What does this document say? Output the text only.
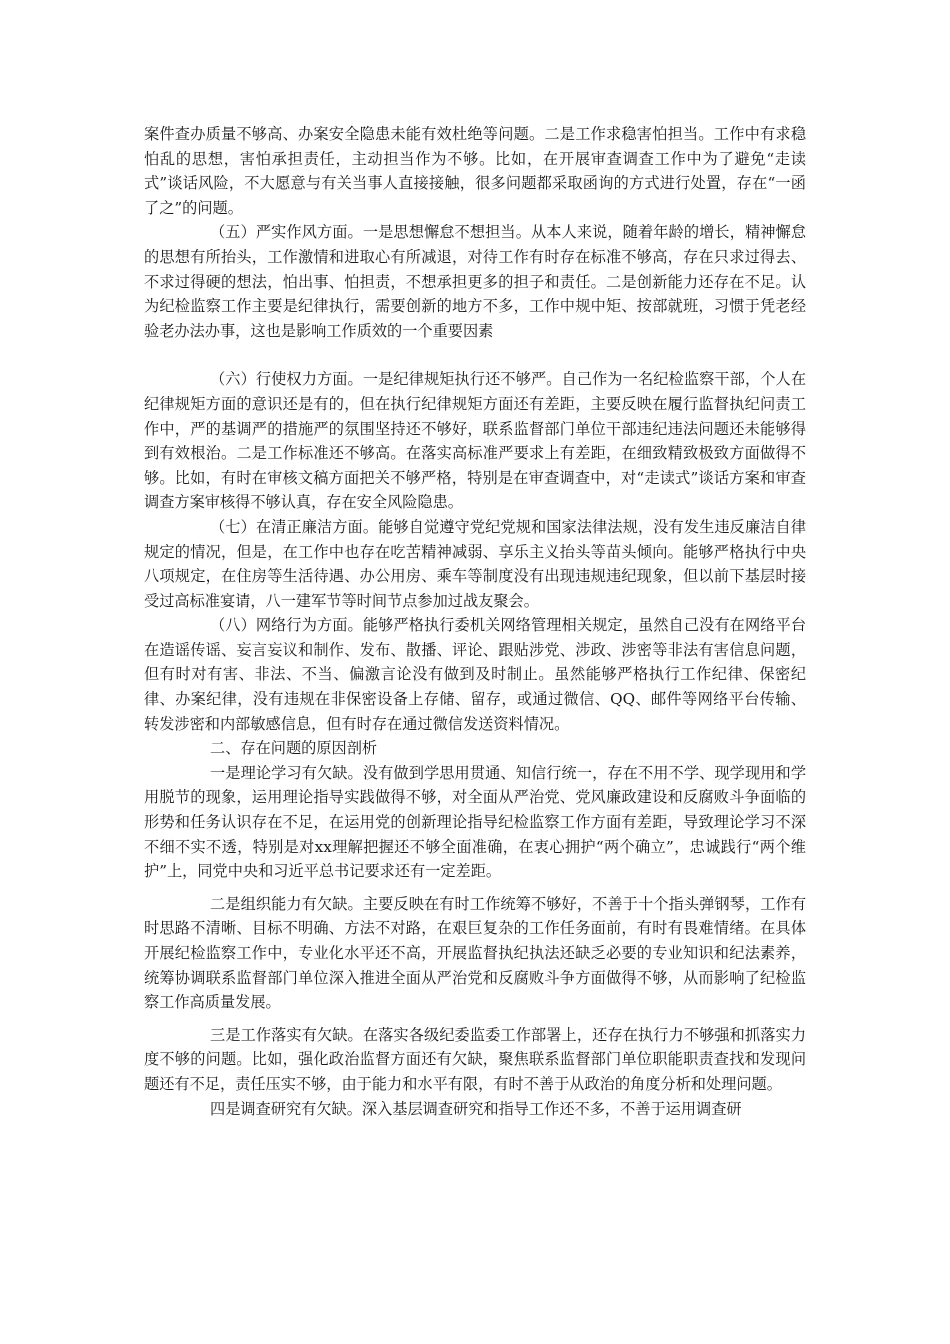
案件查办质量不够高、办案安全隐患未能有效杜绝等问题。二是工作求稳害怕担当。工作中有求稳怕乱的思想，害怕承担责任，主动担当作为不够。比如，在开展审查调查工作中为了避免“走读式”谈话风险，不大愿意与有关当事人直接接触，很多问题都采取函询的方式进行处置，存在“一函了之”的问题。

（五）严实作风方面。一是思想懈怠不想担当。从本人来说，随着年龄的增长，精神懈怠的思想有所抬头，工作激情和进取心有所减退，对待工作有时存在标准不够高，存在只求过得去、不求过得硬的想法，怕出事、怕担责，不想承担更多的担子和责任。二是创新能力还存在不足。认为纪检监察工作主要是纪律执行，需要创新的地方不多，工作中规中矩、按部就班，习惯于凭老经验老办法办事，这也是影响工作质效的一个重要因素

（六）行使权力方面。一是纪律规矩执行还不够严。自己作为一名纪检监察干部，个人在纪律规矩方面的意识还是有的，但在执行纪律规矩方面还有差距，主要反映在履行监督执纪问责工作中，严的基调严的措施严的氛围坚持还不够好，联系监督部门单位干部违纪违法问题还未能够得到有效根治。二是工作标准还不够高。在落实高标准严要求上有差距，在细致精致极致方面做得不够。比如，有时在审核文稿方面把关不够严格，特别是在审查调查中，对“走读式”谈话方案和审查调查方案审核得不够认真，存在安全风险隐患。

（七）在清正廉洁方面。能够自觉遵守党纪党规和国家法律法规，没有发生违反廉洁自律规定的情况，但是，在工作中也存在吃苦精神减弱、享乐主义抬头等苗头倾向。能够严格执行中央八项规定，在住房等生活待遇、办公用房、乘车等制度没有出现违规违纪现象，但以前下基层时接受过高标准宴请，八一建军节等时间节点参加过战友聚会。

（八）网络行为方面。能够严格执行委机关网络管理相关规定，虽然自己没有在网络平台在造谣传谣、妄言妄议和制作、发布、散播、评论、跟贴涉党、涉政、涉密等非法有害信息问题，但有时对有害、非法、不当、偏激言论没有做到及时制止。虽然能够严格执行工作纪律、保密纪律、办案纪律，没有违规在非保密设备上存储、留存，或通过微信、QQ、邮件等网络平台传输、转发涉密和内部敏感信息，但有时存在通过微信发送资料情况。

二、存在问题的原因剖析

一是理论学习有欠缺。没有做到学思用贯通、知信行统一，存在不用不学、现学现用和学用脱节的现象，运用理论指导实践做得不够，对全面从严治党、党风廉政建设和反腐败斗争面临的形势和任务认识存在不足，在运用党的创新理论指导纪检监察工作方面有差距，导致理论学习不深不细不实不透，特别是对xx理解把握还不够全面准确，在衷心拥护“两个确立”，忠诚践行“两个维护”上，同党中央和习近平总书记要求还有一定差距。

二是组织能力有欠缺。主要反映在有时工作统筹不够好，不善于十个指头弹钢琴，工作有时思路不清晰、目标不明确、方法不对路，在艰巨复杂的工作任务面前，有时有畏难情绪。在具体开展纪检监察工作中，专业化水平还不高，开展监督执纪执法还缺乏必要的专业知识和纪法素养，统筹协调联系监督部门单位深入推进全面从严治党和反腐败斗争方面做得不够，从而影响了纪检监察工作高质量发展。

三是工作落实有欠缺。在落实各级纪委监委工作部署上，还存在执行力不够强和抓落实力度不够的问题。比如，强化政治监督方面还有欠缺，聚焦联系监督部门单位职能职责查找和发现问题还有不足，责任压实不够，由于能力和水平有限，有时不善于从政治的角度分析和处理问题。

四是调查研究有欠缺。深入基层调查研究和指导工作还不多，不善于运用调查研
